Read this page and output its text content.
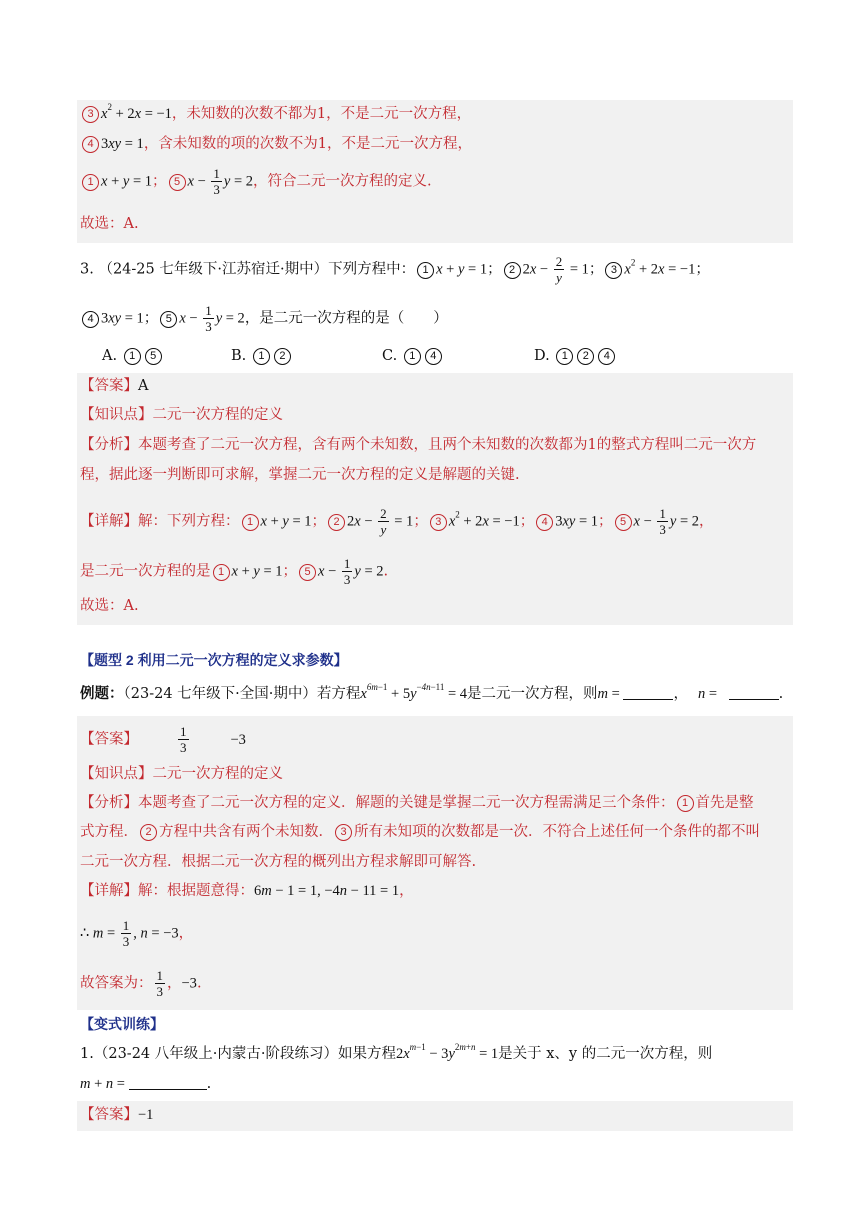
3 $x^2 + 2x = -1$，未知数的次数不都为1，不是二元一次方程，
4 3xy = 1，含未知数的项的次数不为1，不是二元一次方程，
1 x + y = 1； 5 $x - \frac{1}{3}$ y = 2，符合二元一次方程的定义.
故选：A.
3. （24-25 七年级下·江苏宿迁·期中）下列方程中： 1 x + y = 1； 2 $2x - \frac{2}{y} = 1$； 3 $x^2 + 2x = -1$；
4 3xy = 1； 5 $x - \frac{1}{3}$ y = 2，是二元一次方程的是（　　）
A. 1 5	B. 1 2	C. 1 4	D. 1 2 4
【答案】A
【知识点】二元一次方程的定义
【分析】本题考查了二元一次方程，含有两个未知数，且两个未知数的次数都为1的整式方程叫二元一次方
程，据此逐一判断即可求解，掌握二元一次方程的定义是解题的关键.
【详解】解：下列方程： 1 x + y = 1； 2 $2x - \frac{2}{y} = 1$； 3 $x^2 + 2x = -1$； 4 3xy = 1； 5 $x - \frac{1}{3}$ y = 2，
是二元一次方程的是 1 x + y = 1； 5 $x - \frac{1}{3}$ y = 2.
故选：A.
【题型 2 利用二元一次方程的定义求参数】
例题：（23-24 七年级下·全国·期中）若方程$x^{6m-1} + 5y^{-4n-11} = 4$是二元一次方程，则m =	， n =	.
【答案】	$\frac{1}{3}$	−3
【知识点】二元一次方程的定义
【分析】本题考查了二元一次方程的定义．解题的关键是掌握二元一次方程需满足三个条件： 1 首先是整
式方程． 2 方程中共含有两个未知数． 3 所有未知项的次数都是一次．不符合上述任何一个条件的都不叫
二元一次方程．根据二元一次方程的概列出方程求解即可解答.
【详解】解：根据题意得：6m − 1 = 1, −4n − 11 = 1，
∴ $m = \frac{1}{3}$ , n = −3，
故答案为： $\frac{1}{3}$ ，−3.
【变式训练】
1.（23-24 八年级上·内蒙古·阶段练习）如果方程$2x^{m-1} - 3y^{2m+n} = 1$是关于 x、y 的二元一次方程，则
m + n =	.
【答案】−1
